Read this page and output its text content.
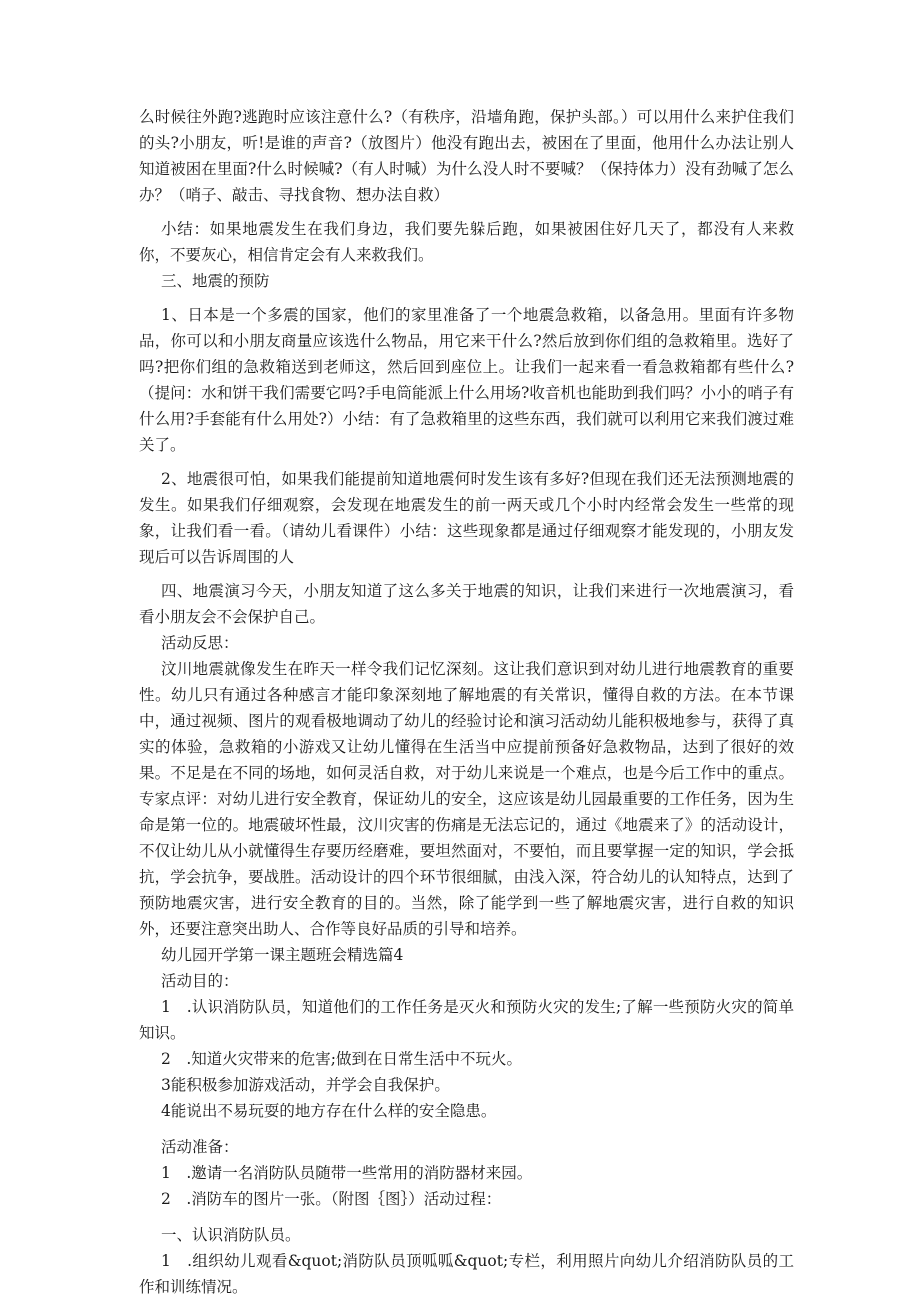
么时候往外跑?逃跑时应该注意什么?（有秩序，沿墙角跑，保护头部。）可以用什么来护住我们的头?小朋友，听!是谁的声音?（放图片）他没有跑出去，被困在了里面，他用什么办法让别人知道被困在里面?什么时候喊?（有人时喊）为什么没人时不要喊？（保持体力）没有劲喊了怎么办？（哨子、敲击、寻找食物、想办法自救）

小结：如果地震发生在我们身边，我们要先躲后跑，如果被困住好几天了，都没有人来救你，不要灰心，相信肯定会有人来救我们。

三、地震的预防

1、日本是一个多震的国家，他们的家里准备了一个地震急救箱，以备急用。里面有许多物品，你可以和小朋友商量应该选什么物品，用它来干什么?然后放到你们组的急救箱里。选好了吗?把你们组的急救箱送到老师这，然后回到座位上。让我们一起来看一看急救箱都有些什么?（提问：水和饼干我们需要它吗?手电筒能派上什么用场?收音机也能助到我们吗？小小的哨子有什么用?手套能有什么用处?）小结：有了急救箱里的这些东西，我们就可以利用它来我们渡过难关了。

2、地震很可怕，如果我们能提前知道地震何时发生该有多好?但现在我们还无法预测地震的发生。如果我们仔细观察，会发现在地震发生的前一两天或几个小时内经常会发生一些常的现象，让我们看一看。（请幼儿看课件）小结：这些现象都是通过仔细观察才能发现的，小朋友发现后可以告诉周围的人

四、地震演习今天，小朋友知道了这么多关于地震的知识，让我们来进行一次地震演习，看看小朋友会不会保护自己。

活动反思：

汶川地震就像发生在昨天一样令我们记忆深刻。这让我们意识到对幼儿进行地震教育的重要性。幼儿只有通过各种感言才能印象深刻地了解地震的有关常识，懂得自救的方法。在本节课中，通过视频、图片的观看极地调动了幼儿的经验讨论和演习活动幼儿能积极地参与，获得了真实的体验，急救箱的小游戏又让幼儿懂得在生活当中应提前预备好急救物品，达到了很好的效果。不足是在不同的场地，如何灵活自救，对于幼儿来说是一个难点，也是今后工作中的重点。专家点评：对幼儿进行安全教育，保证幼儿的安全，这应该是幼儿园最重要的工作任务，因为生命是第一位的。地震破坏性最，汶川灾害的伤痛是无法忘记的，通过《地震来了》的活动设计，不仅让幼儿从小就懂得生存要历经磨难，要坦然面对，不要怕，而且要掌握一定的知识，学会抵抗，学会抗争，要战胜。活动设计的四个环节很细腻，由浅入深，符合幼儿的认知特点，达到了预防地震灾害，进行安全教育的目的。当然，除了能学到一些了解地震灾害，进行自救的知识外，还要注意突出助人、合作等良好品质的引导和培养。

幼儿园开学第一课主题班会精选篇4

活动目的：

1　.认识消防队员，知道他们的工作任务是灭火和预防火灾的发生;了解一些预防火灾的简单知识。

2　.知道火灾带来的危害;做到在日常生活中不玩火。

3能积极参加游戏活动，并学会自我保护。

4能说出不易玩耍的地方存在什么样的安全隐患。

活动准备：

1　.邀请一名消防队员随带一些常用的消防器材来园。

2　.消防车的图片一张。（附图｛图｝）活动过程：

一、认识消防队员。

1　.组织幼儿观看&quot;消防队员顶呱呱&quot;专栏，利用照片向幼儿介绍消防队员的工作和训练情况。
